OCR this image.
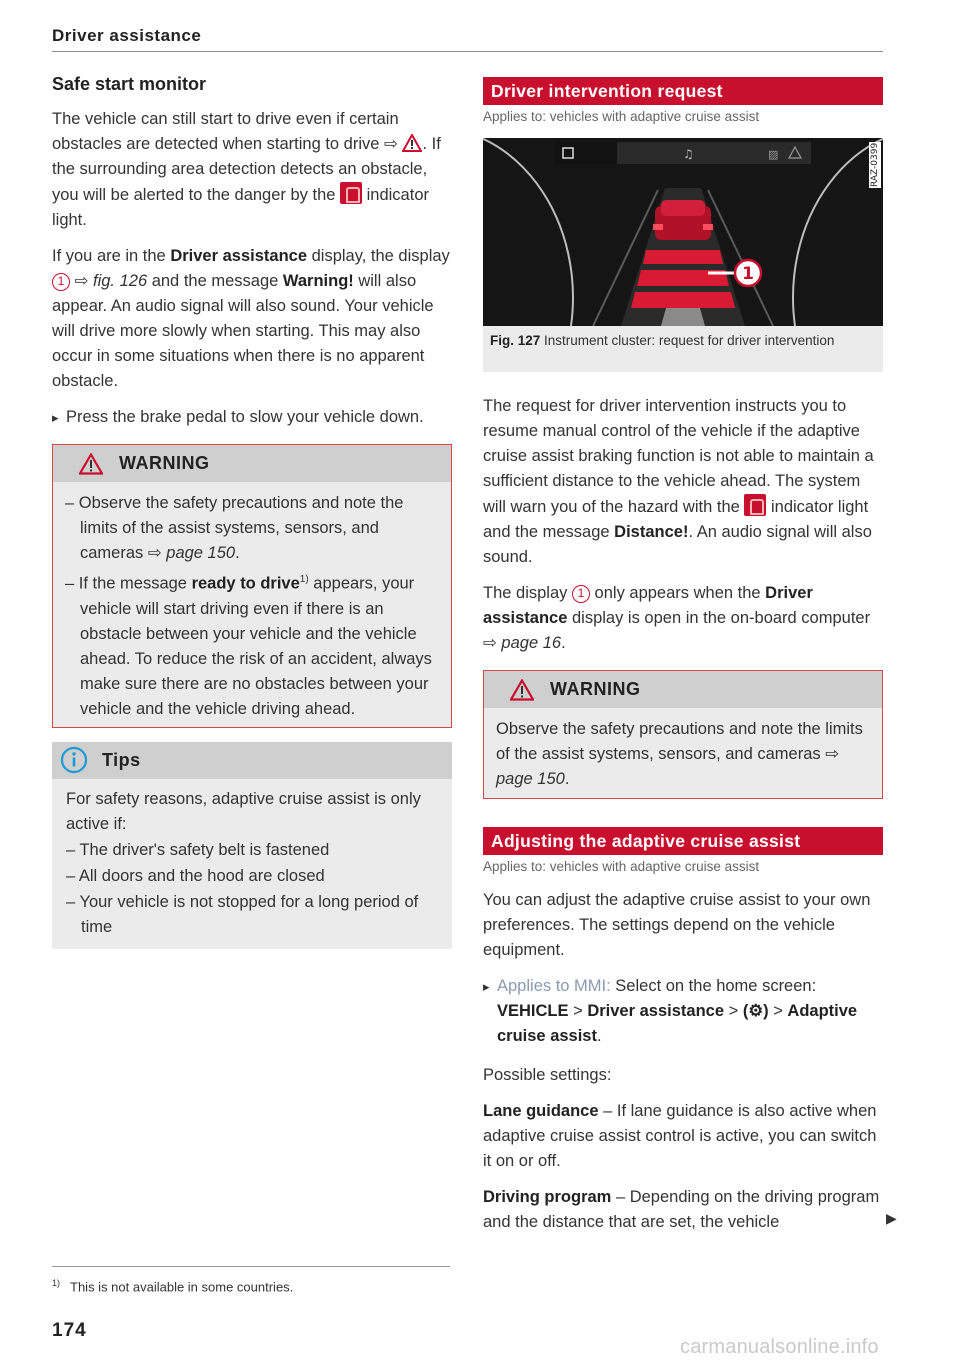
Driver assistance
Safe start monitor

The vehicle can still start to drive even if certain obstacles are detected when starting to drive ⇨ . If the surrounding area detection detects an obstacle, you will be alerted to the danger by the indicator light.

If you are in the Driver assistance display, the display 1 ⇨ fig. 126 and the message Warning! will also appear. An audio signal will also sound. Your vehicle will drive more slowly when starting. This may also occur in some situations when there is no apparent obstacle.

▸ Press the brake pedal to slow your vehicle down.
WARNING
– Observe the safety precautions and note the limits of the assist systems, sensors, and cameras ⇨ page 150.
– If the message ready to drive$^{1)}$ appears, your vehicle will start driving even if there is an obstacle between your vehicle and the vehicle ahead. To reduce the risk of an accident, always make sure there are no obstacles between your vehicle and the vehicle driving ahead.
Tips
For safety reasons, adaptive cruise assist is only active if:
– The driver's safety belt is fastened
– All doors and the hood are closed
– Your vehicle is not stopped for a long period of time
Driver intervention request
Applies to: vehicles with adaptive cruise assist
♫	▨
1
RAZ-0399
Fig. 127 Instrument cluster: request for driver intervention

The request for driver intervention instructs you to resume manual control of the vehicle if the adaptive cruise assist braking function is not able to maintain a sufficient distance to the vehicle ahead. The system will warn you of the hazard with the  indicator light and the message Distance!. An audio signal will also sound.

The display 1 only appears when the Driver assistance display is open in the on-board computer ⇨ page 16.

WARNING
Observe the safety precautions and note the limits of the assist systems, sensors, and cameras ⇨ page 150.
Adjusting the adaptive cruise assist
Applies to: vehicles with adaptive cruise assist

You can adjust the adaptive cruise assist to your own preferences. The settings depend on the vehicle equipment.

▸ Applies to MMI: Select on the home screen: VEHICLE > Driver assistance > (⚙) > Adaptive cruise assist.

Possible settings:

Lane guidance – If lane guidance is also active when adaptive cruise assist control is active, you can switch it on or off.

Driving program – Depending on the driving program and the distance that are set, the vehicle	▶
$^{1)}$ This is not available in some countries.
174
carmanualsonline.info
